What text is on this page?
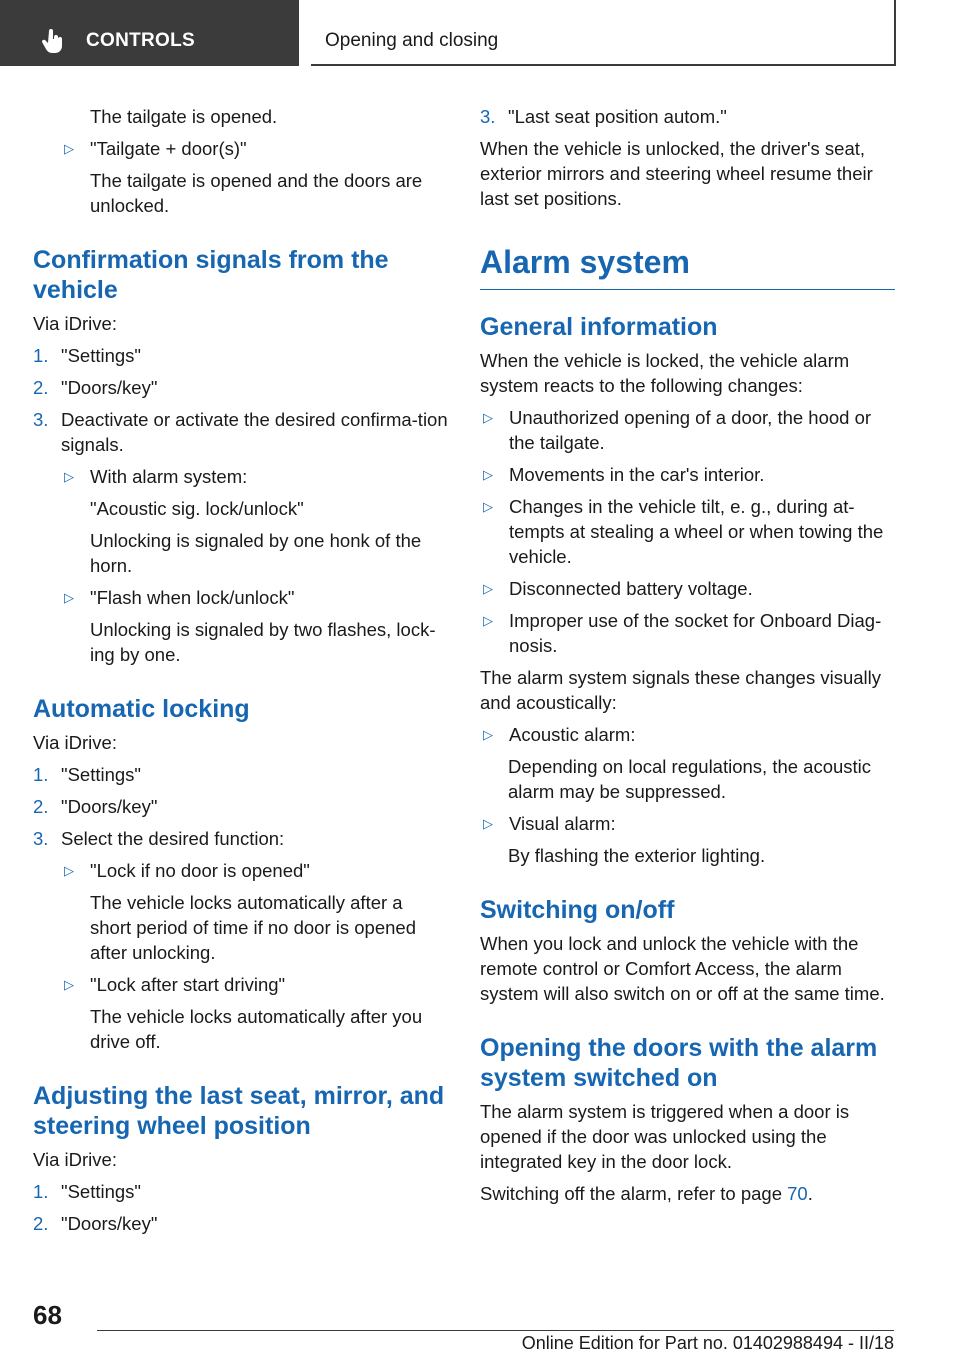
CONTROLS	Opening and closing
The tailgate is opened.
▷ "Tailgate + door(s)"
The tailgate is opened and the doors are unlocked.
Confirmation signals from the vehicle
Via iDrive:
1. "Settings"
2. "Doors/key"
3. Deactivate or activate the desired confirma‐tion signals.
▷ With alarm system:
"Acoustic sig. lock/unlock"
Unlocking is signaled by one honk of the horn.
▷ "Flash when lock/unlock"
Unlocking is signaled by two flashes, lock‐ing by one.
Automatic locking
Via iDrive:
1. "Settings"
2. "Doors/key"
3. Select the desired function:
▷ "Lock if no door is opened"
The vehicle locks automatically after a short period of time if no door is opened after unlocking.
▷ "Lock after start driving"
The vehicle locks automatically after you drive off.
Adjusting the last seat, mirror, and steering wheel position
Via iDrive:
1. "Settings"
2. "Doors/key"
3. "Last seat position autom."
When the vehicle is unlocked, the driver's seat, exterior mirrors and steering wheel resume their last set positions.
Alarm system
General information
When the vehicle is locked, the vehicle alarm system reacts to the following changes:
▷ Unauthorized opening of a door, the hood or the tailgate.
▷ Movements in the car's interior.
▷ Changes in the vehicle tilt, e. g., during at‐tempts at stealing a wheel or when towing the vehicle.
▷ Disconnected battery voltage.
▷ Improper use of the socket for Onboard Diag‐nosis.
The alarm system signals these changes visually and acoustically:
▷ Acoustic alarm:
Depending on local regulations, the acoustic alarm may be suppressed.
▷ Visual alarm:
By flashing the exterior lighting.
Switching on/off
When you lock and unlock the vehicle with the remote control or Comfort Access, the alarm system will also switch on or off at the same time.
Opening the doors with the alarm system switched on
The alarm system is triggered when a door is opened if the door was unlocked using the integrated key in the door lock.
Switching off the alarm, refer to page 70.
68
Online Edition for Part no. 01402988494 - II/18
